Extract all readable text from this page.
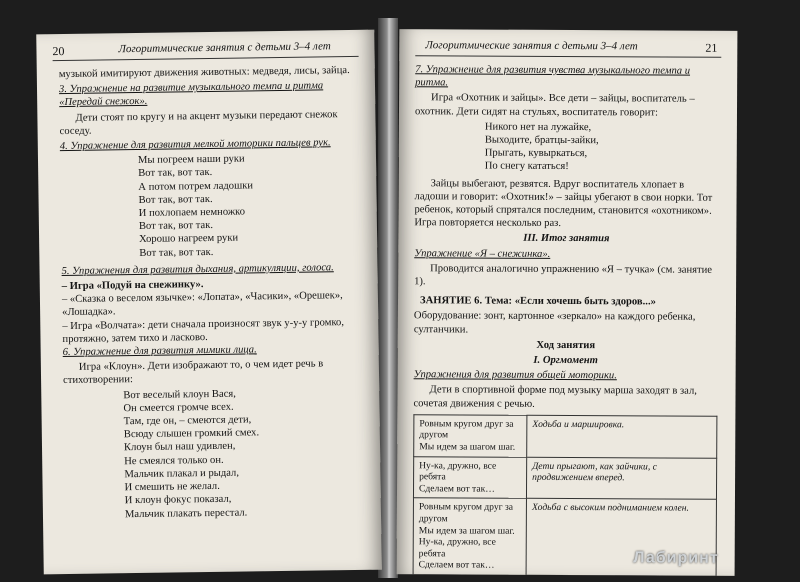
20	Логоритмические занятия с детьми 3–4 лет

музыкой имитируют движения животных: медведя, лисы, зайца.

3. Упражнение на развитие музыкального темпа и ритма «Передай снежок».

Дети стоят по кругу и на акцент музыки передают снежок соседу.

4. Упражнение для развития мелкой моторики пальцев рук.

Мы погреем наши руки
Вот так, вот так.
А потом потрем ладошки
Вот так, вот так.
И похлопаем немножко
Вот так, вот так.
Хорошо нагреем руки
Вот так, вот так.

5. Упражнения для развития дыхания, артикуляции, голоса.

– Игра «Подуй на снежинку».
– «Сказка о веселом язычке»: «Лопата», «Часики», «Орешек», «Лошадка».
– Игра «Волчата»: дети сначала произносят звук у-у-у громко, протяжно, затем тихо и ласково.

6. Упражнение для развития мимики лица.

Игра «Клоун». Дети изображают то, о чем идет речь в стихотворении:

Вот веселый клоун Вася,
Он смеется громче всех.
Там, где он, – смеются дети,
Всюду слышен громкий смех.
Клоун был наш удивлен,
Не смеялся только он.
Мальчик плакал и рыдал,
И смешить не желал.
И клоун фокус показал,
Мальчик плакать перестал.
Логоритмические занятия с детьми 3–4 лет	21

7. Упражнение для развития чувства музыкального темпа и ритма.

Игра «Охотник и зайцы». Все дети – зайцы, воспитатель – охотник. Дети сидят на стульях, воспитатель говорит:

Никого нет на лужайке,
Выходите, братцы-зайки,
Прыгать, кувыркаться,
По снегу кататься!

Зайцы выбегают, резвятся. Вдруг воспитатель хлопает в ладоши и говорит: «Охотник!» – зайцы убегают в свои норки. Тот ребенок, который спрятался последним, становится «охотником». Игра повторяется несколько раз.

III. Итог занятия

Упражнение «Я – снежинка».

Проводится аналогично упражнению «Я – тучка» (см. занятие 1).

ЗАНЯТИЕ 6. Тема: «Если хочешь быть здоров...»

Оборудование: зонт, картонное «зеркало» на каждого ребенка, султанчики.

Ход занятия

I. Оргмомент

Упражнения для развития общей моторики.

Дети в спортивной форме под музыку марша заходят в зал, сочетая движения с речью.

Ровным кругом друг за другом
Мы идем за шагом шаг.	Ходьба и маршировка.
Ну-ка, дружно, все ребята
Сделаем вот так…	Дети прыгают, как зайчики, с продвижением вперед.
Ровным кругом друг за другом
Мы идем за шагом шаг.
Ну-ка, дружно, все ребята
Сделаем вот так…	Ходьба с высоким подниманием колен.
Лабиринт
